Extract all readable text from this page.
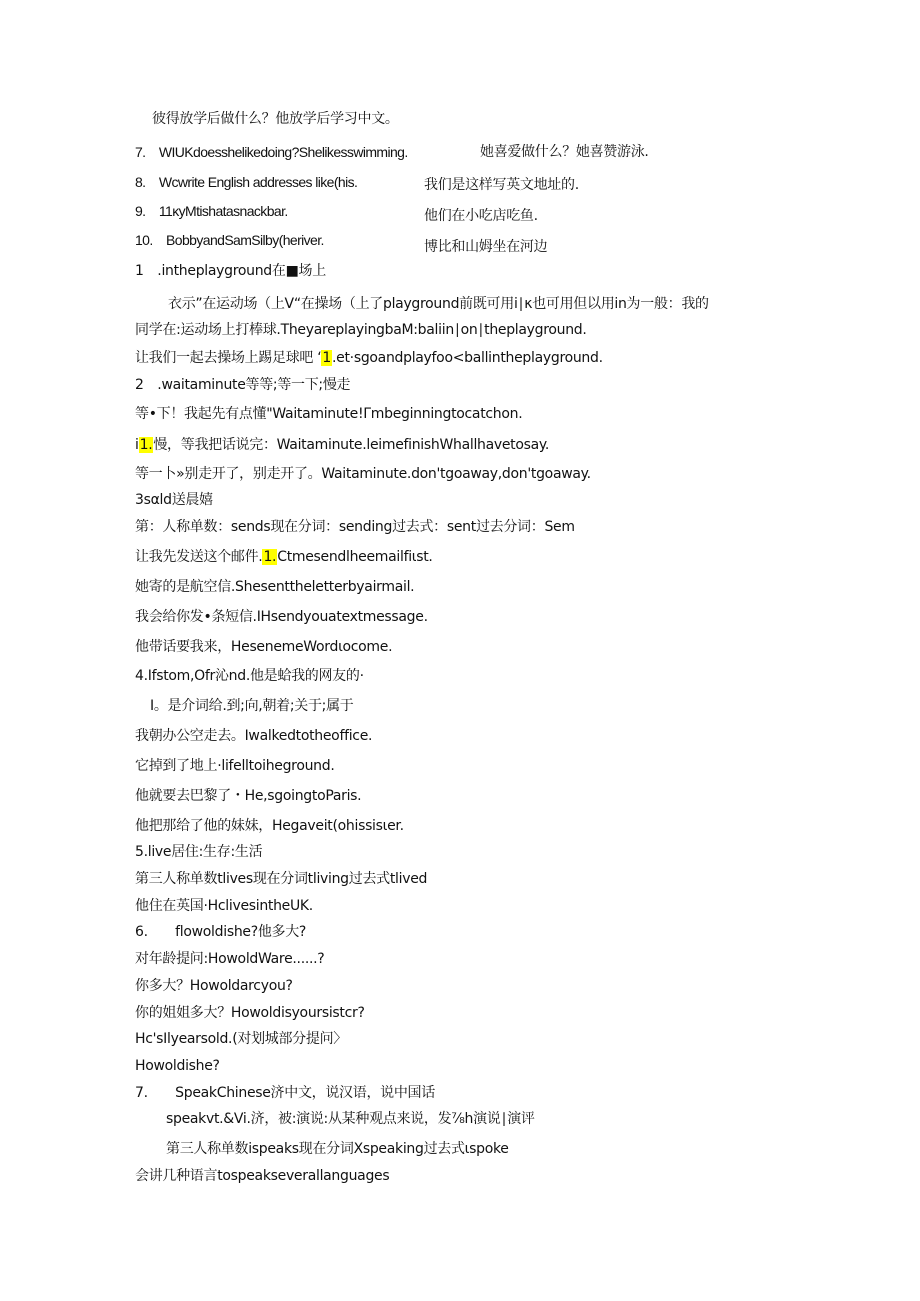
彼得放学后做什么？他放学后学习中文。
7.　WIUKdoesshelikedoing?Shelikesswimming.	她喜爱做什么？她喜赞游泳.
8.　Wcwrite English addresses like(his.	我们是这样写英文地址的.
9.　11κyMtishatasnackbar.	他们在小吃店吃鱼.
10.　BobbyandSamSilby(heriver.	博比和山姆坐在河边
1　.intheplayground在■场上
衣示”在运动场（上V“在操场（上了playground前既可用i∣κ也可用但以用in为一般：我的
同学在:运动场上打棒球.TheyareplayingbaM:baliin∣on∣theplayground.
让我们一起去操场上踢足球吧 ‘1.et·sgoandplayfoo<ballintheplayground.
2　.waitaminute等等;等一下;慢走
等•下！我起先有点懂"Waitaminute!Γmbeginningtocatchon.
i1.慢，等我把话说完：Waitaminute.leimefinishWhallhavetosay.
等一卜»别走开了，别走开了。Waitaminute.don'tgoaway,don'tgoaway.
3sαld送晨嬉
第：人称单数：sends现在分词：sending过去式：sent过去分词：Sem
让我先发送这个邮件.1.Ctmesendlheemailfiιst.
她寄的是航空信.Shesenttheletterbyairmail.
我会给你发•条短信.IHsendyouatextmessage.
他带话要我来，HesenemeWordιocome.
4.Ifstom,Ofr沁nd.他是蛤我的网友的·
I。是介词给.到;向,朝着;关于;属于
我朝办公空走去。Iwalkedtotheoffice.
它掉到了地上·lifelltoiheground.
他就要去巴黎了・He,sgoingtoParis.
他把那给了他的妹妹，Hegaveit(ohissisιer.
5.live居住:生存:生活
第三人称单数tlives现在分词tliving过去式tlived
他住在英国·HclivesintheUK.
6.　　flowoldishe?他多大?
对年龄提问:HowoldWare......?
你多大？Howoldarcyou?
你的姐姐多大？Howoldisyoursistcr?
Hc'sIlyearsold.(对划城部分提问〉
Howoldishe?
7.　　SpeakChinese济中文，说汉语，说中国话
speakvt.&Vi.济，被:演说:从某种观点来说，发⅞h演说∣演评
第三人称单数ispeaks现在分词Xspeaking过去式ιspoke
会讲几种语言tospeakseverallanguages
